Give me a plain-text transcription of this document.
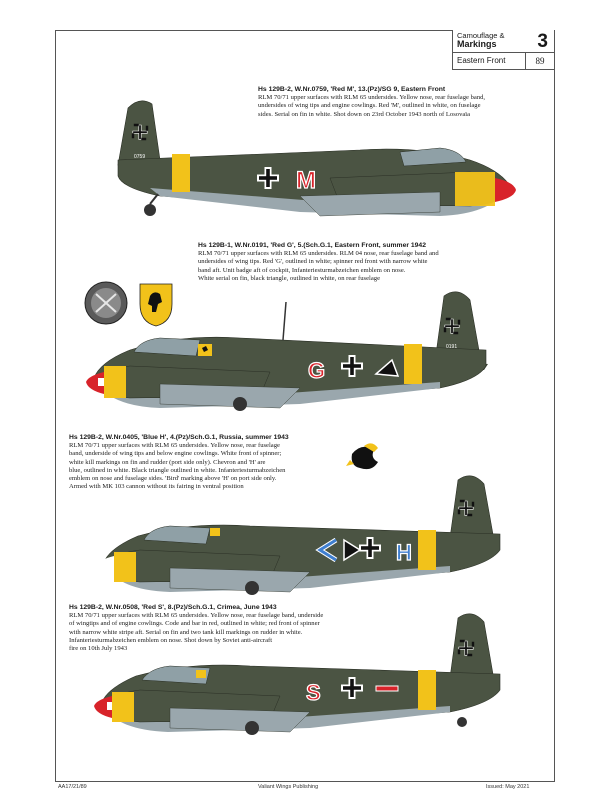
Camouflage &
Markings	3
Eastern Front	89
Hs 129B-2, W.Nr.0759, 'Red M', 13.(Pz)/SG 9, Eastern Front
RLM 70/71 upper surfaces with RLM 65 undersides. Yellow nose, rear fuselage band,
undersides of wing tips and engine cowlings. Red 'M', outlined in white, on fuselage
sides. Serial on fin in white. Shot down on 23rd October 1943 north of Losovaïa
Hs 129B-1, W.Nr.0191, 'Red G', 5.(Sch.G.1, Eastern Front, summer 1942
RLM 70/71 upper surfaces with RLM 65 undersides. RLM 04 nose, rear fuselage band and
undersides of wing tips. Red 'G', outlined in white; spinner red front with narrow white
band aft. Unit badge aft of cockpit, Infanteriesturmabzeichen emblem on nose.
White serial on fin, black triangle, outlined in white, on rear fuselage
Hs 129B-2, W.Nr.0405, 'Blue H', 4.(Pz)/Sch.G.1, Russia, summer 1943
RLM 70/71 upper surfaces with RLM 65 undersides. Yellow nose, rear fuselage
band, underside of wing tips and below engine cowlings. White front of spinner;
white kill markings on fin and rudder (port side only). Chevron and 'H' are
blue, outlined in white. Black triangle outlined in white. Infanteriesturmabzeichen
emblem on nose and fuselage sides. 'Bird' marking above 'H' on port side only.
Armed with MK 103 cannon without its fairing in ventral position
Hs 129B-2, W.Nr.0508, 'Red S', 8.(Pz)/Sch.G.1, Crimea, June 1943
RLM 70/71 upper surfaces with RLM 65 undersides. Yellow nose, rear fuselage band, underside
of wingtips and of engine cowlings. Code and bar in red, outlined in white; red front of spinner
with narrow white stripe aft. Serial on fin and two tank kill markings on rudder in white.
Infanteriesturmabzeichen emblem on nose. Shot down by Soviet anti-aircraft
fire on 10th July 1943
M
G
H
S
0759
0191
AA17/21/89	Valiant Wings Publishing	Issued: May 2021
